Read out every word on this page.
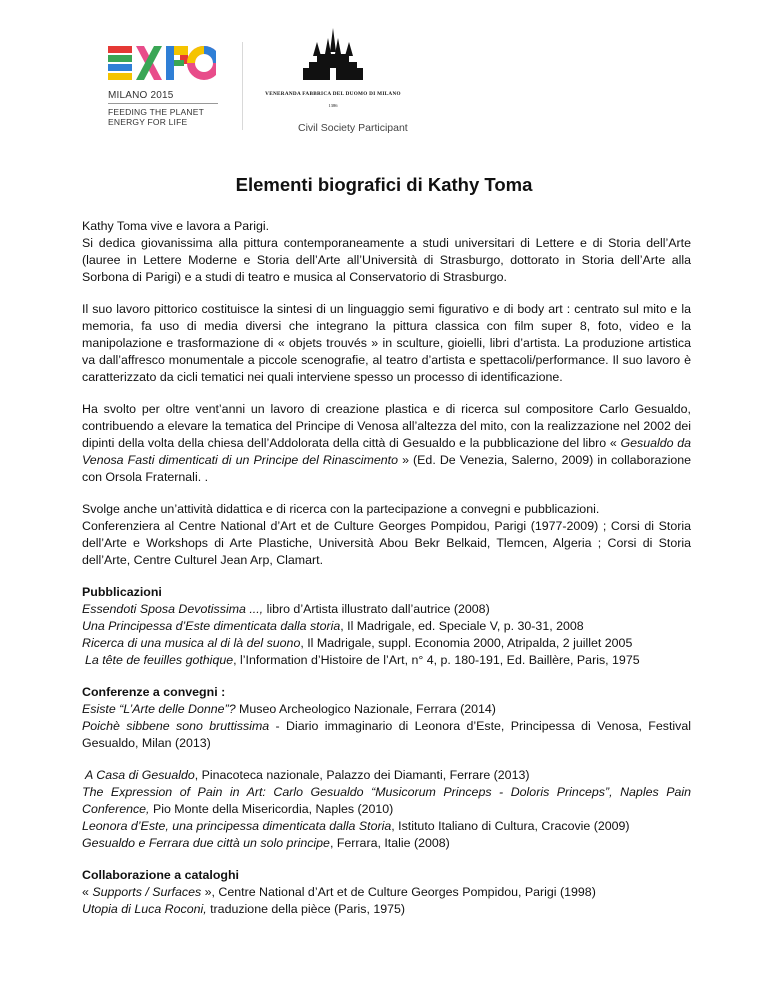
MILANO 2015
FEEDING THE PLANET
ENERGY FOR LIFE
VENERANDA FABBRICA DEL DUOMO DI MILANO
1386
Civil Society Participant
Elementi biografici di Kathy Toma

Kathy Toma vive e lavora a Parigi.
Si dedica giovanissima alla pittura contemporaneamente a studi universitari di Lettere e di Storia dell’Arte (lauree in Lettere Moderne e Storia dell’Arte all’Università di Strasburgo, dottorato in Storia dell’Arte alla Sorbona di Parigi) e a studi di teatro e musica al Conservatorio di Strasburgo.

Il suo lavoro pittorico costituisce la sintesi di un linguaggio semi figurativo e di body art : centrato sul mito e la memoria, fa uso di media diversi che integrano la pittura classica con film super 8, foto, video e la manipolazione e trasformazione di « objets trouvés » in sculture, gioielli, libri d’artista. La produzione artistica va dall’affresco monumentale a piccole scenografie, al teatro d’artista e spettacoli/performance. Il suo lavoro è caratterizzato da cicli tematici nei quali interviene spesso un processo di identificazione.

Ha svolto per oltre vent’anni un lavoro di creazione plastica e di ricerca sul compositore Carlo Gesualdo, contribuendo a elevare la tematica del Principe di Venosa all’altezza del mito, con la realizzazione nel 2002 dei dipinti della volta della chiesa dell’Addolorata della città di Gesualdo e la pubblicazione del libro « Gesualdo da Venosa Fasti dimenticati di un Principe del Rinascimento » (Ed. De Venezia, Salerno, 2009) in collaborazione con Orsola Fraternali. .

Svolge anche un’attività didattica e di ricerca con la partecipazione a convegni e pubblicazioni.
Conferenziera al Centre National d’Art et de Culture Georges Pompidou, Parigi (1977-2009) ; Corsi di Storia dell’Arte e Workshops di Arte Plastiche, Università Abou Bekr Belkaid, Tlemcen, Algeria ; Corsi di Storia dell’Arte, Centre Culturel Jean Arp, Clamart.

Pubblicazioni
Essendoti Sposa Devotissima ..., libro d’Artista illustrato dall’autrice (2008)
Una Principessa d’Este dimenticata dalla storia, Il Madrigale, ed. Speciale V, p. 30-31, 2008
Ricerca di una musica al di là del suono, Il Madrigale, suppl. Economia 2000, Atripalda, 2 juillet 2005
La tête de feuilles gothique, l’Information d’Histoire de l’Art, n° 4, p. 180-191, Ed. Baillère, Paris, 1975

Conferenze a convegni :
Esiste “L’Arte delle Donne”? Museo Archeologico Nazionale, Ferrara (2014)
Poichè sibbene sono bruttissima - Diario immaginario di Leonora d’Este, Principessa di Venosa, Festival Gesualdo, Milan (2013)

A Casa di Gesualdo, Pinacoteca nazionale, Palazzo dei Diamanti, Ferrare (2013)
The Expression of Pain in Art: Carlo Gesualdo “Musicorum Princeps - Doloris Princeps”, Naples Pain Conference, Pio Monte della Misericordia, Naples (2010)
Leonora d’Este, una principessa dimenticata dalla Storia, Istituto Italiano di Cultura, Cracovie (2009)
Gesualdo e Ferrara due città un solo principe, Ferrara, Italie (2008)

Collaborazione a cataloghi
« Supports / Surfaces », Centre National d’Art et de Culture Georges Pompidou, Parigi (1998)
Utopia di Luca Roconi, traduzione della pièce (Paris, 1975)
